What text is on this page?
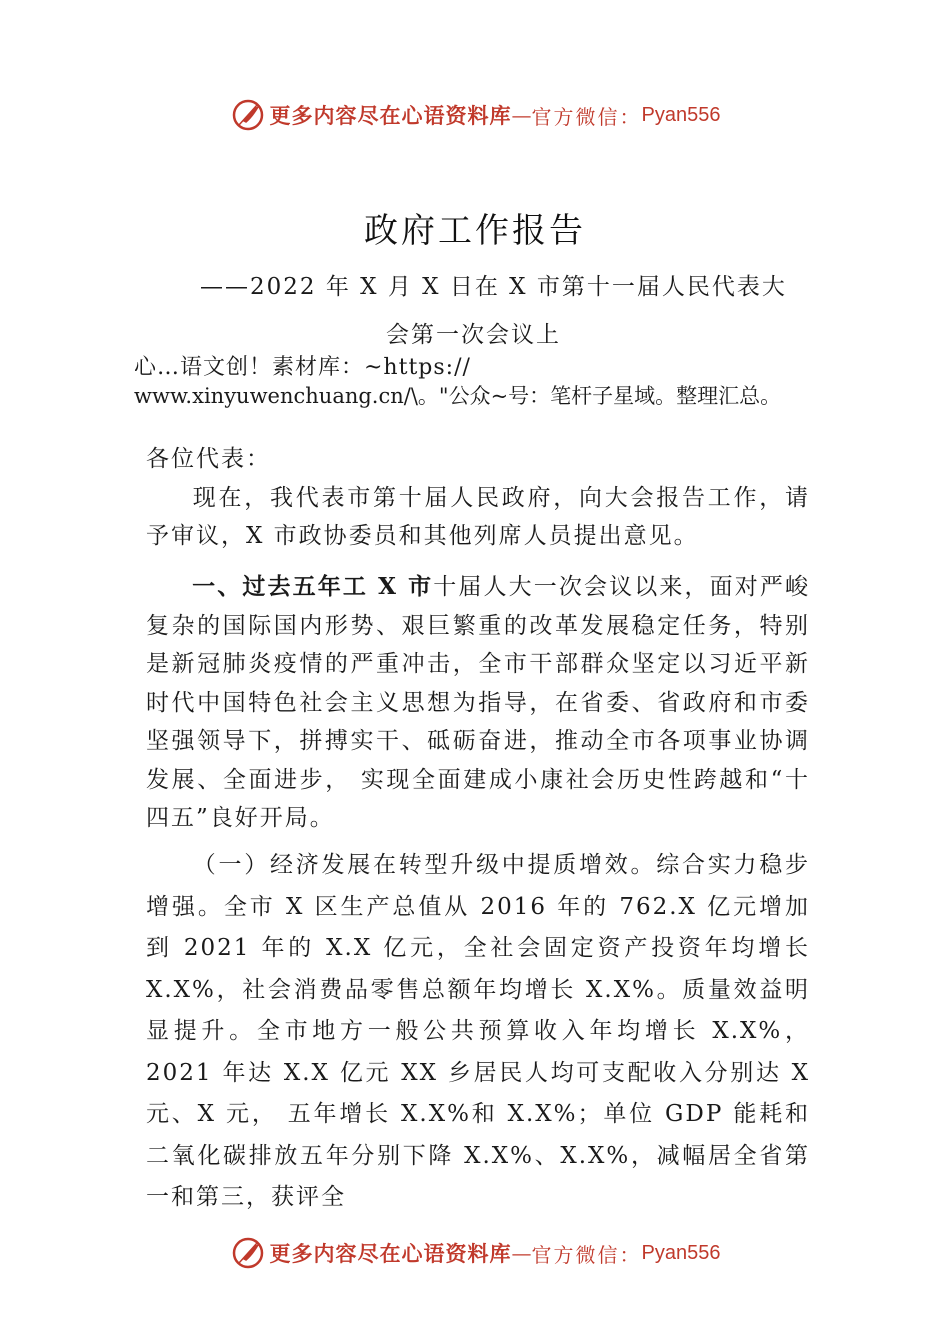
更多内容尽在心语资料库 — 官方微信： Pyan556
政府工作报告
——2022 年 X 月 X 日在 X 市第十一届人民代表大
会第一次会议上
心…语文创！素材库：~https://
www.xinyuwenchuang.cn/\。"公众~号：笔杆子星域。整理汇总。
各位代表：
现在，我代表市第十届人民政府，向大会报告工作，请予审议，X 市政协委员和其他列席人员提出意见。
一、过去五年工 X 市十届人大一次会议以来，面对严峻复杂的国际国内形势、艰巨繁重的改革发展稳定任务，特别是新冠肺炎疫情的严重冲击，全市干部群众坚定以习近平新时代中国特色社会主义思想为指导，在省委、省政府和市委坚强领导下，拼搏实干、砥砺奋进，推动全市各项事业协调发展、全面进步， 实现全面建成小康社会历史性跨越和“十四五”良好开局。
（一）经济发展在转型升级中提质增效。综合实力稳步增强。全市 X 区生产总值从 2016 年的 762.X 亿元增加到 2021 年的 X.X 亿元，全社会固定资产投资年均增长 X.X%，社会消费品零售总额年均增长 X.X%。质量效益明显提升。全市地方一般公共预算收入年均增长 X.X%，2021 年达 X.X 亿元 XX 乡居民人均可支配收入分别达 X 元、X 元， 五年增长 X.X%和 X.X%；单位 GDP 能耗和二氧化碳排放五年分别下降 X.X%、X.X%，减幅居全省第一和第三，获评全
更多内容尽在心语资料库 — 官方微信： Pyan556
